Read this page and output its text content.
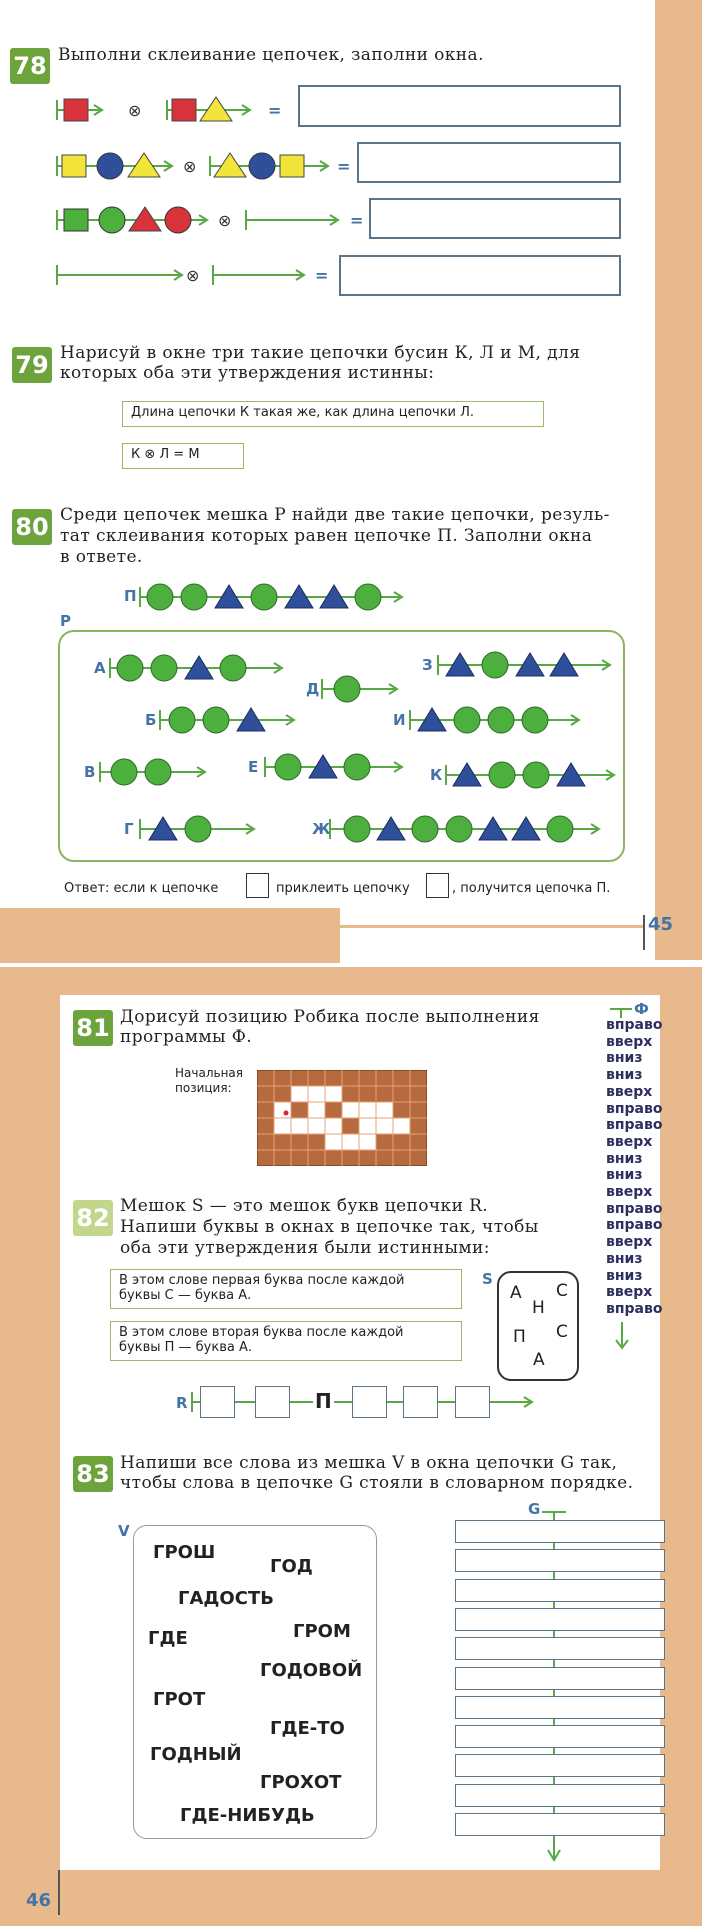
45
78 Выполни склеивание цепочек, заполни окна.
⊗	=
⊗	=
⊗	=
⊗	=
79 Нарисуй в окне три такие цепочки бусин К, Л и М, для
которых оба эти утверждения истинны:
Длина цепочки К такая же, как длина цепочки Л.
К ⊗ Л = М
80 Среди цепочек мешка Р найди две такие цепочки, резуль-
тат склеивания которых равен цепочке П. Заполни окна
в ответе.
П
Р
А	З
Д
Б	И
В	Е	К
Г	Ж
Ответ: если к цепочке	приклеить цепочку	, получится цепочка П.
46
81 Дорисуй позицию Робика после выполнения
программы Ф.
Начальная
позиция:
Ф
вправо
вверх
вниз
вниз
вверх
вправо
вправо
вверх
вниз
вниз
вверх
вправо
вправо
вверх
вниз
вниз
вверх
вправо
82 Мешок S — это мешок букв цепочки R.
Напиши буквы в окнах в цепочке так, чтобы
оба эти утверждения были истинными:
В этом слове первая буква после каждой
буквы С — буква А.
В этом слове вторая буква после каждой
буквы П — буква А.
S
А
Н
С
П С
А
R	П
83 Напиши все слова из мешка V в окна цепочки G так,
чтобы слова в цепочке G стояли в словарном порядке.
V
ГРОШ
ГОД
ГАДОСТЬ
ГДЕ	ГРОМ
ГОДОВОЙ
ГРОТ
ГДЕ-ТО
ГОДНЫЙ
ГРОХОТ
ГДЕ-НИБУДЬ
G
